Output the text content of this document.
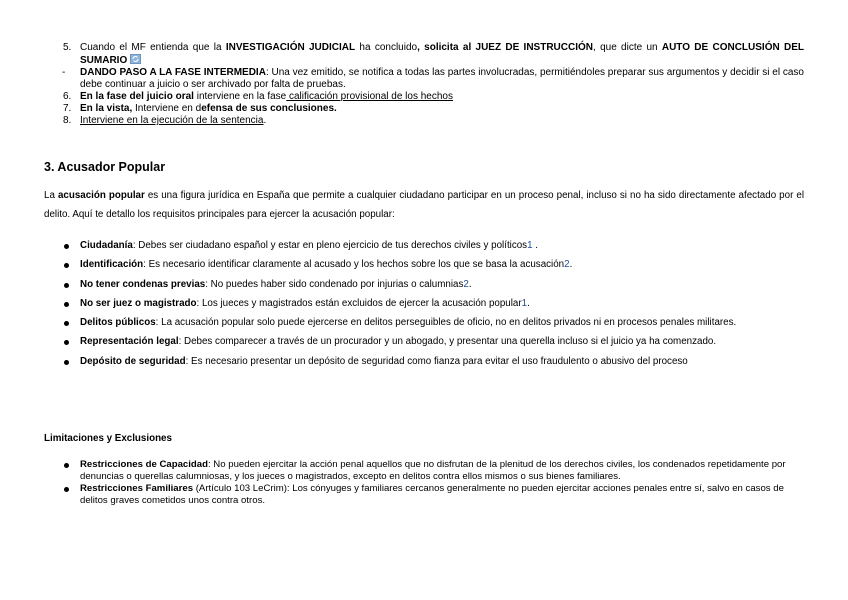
5. Cuando el MF entienda que la INVESTIGACIÓN JUDICIAL ha concluido, solicita al JUEZ DE INSTRUCCIÓN, que dicte un AUTO DE CONCLUSIÓN DEL SUMARIO
- DANDO PASO A LA FASE INTERMEDIA: Una vez emitido, se notifica a todas las partes involucradas, permitiéndoles preparar sus argumentos y decidir si el caso debe continuar a juicio o ser archivado por falta de pruebas.
6. En la fase del juicio oral interviene en la fase calificación provisional de los hechos
7. En la vista, Interviene en defensa de sus conclusiones.
8. Interviene en la ejecución de la sentencia.
3. Acusador Popular
La acusación popular es una figura jurídica en España que permite a cualquier ciudadano participar en un proceso penal, incluso si no ha sido directamente afectado por el delito. Aquí te detallo los requisitos principales para ejercer la acusación popular:
Ciudadanía: Debes ser ciudadano español y estar en pleno ejercicio de tus derechos civiles y políticos1 .
Identificación: Es necesario identificar claramente al acusado y los hechos sobre los que se basa la acusación2.
No tener condenas previas: No puedes haber sido condenado por injurias o calumnias2.
No ser juez o magistrado: Los jueces y magistrados están excluidos de ejercer la acusación popular1.
Delitos públicos: La acusación popular solo puede ejercerse en delitos perseguibles de oficio, no en delitos privados ni en procesos penales militares.
Representación legal: Debes comparecer a través de un procurador y un abogado, y presentar una querella incluso si el juicio ya ha comenzado.
Depósito de seguridad: Es necesario presentar un depósito de seguridad como fianza para evitar el uso fraudulento o abusivo del proceso
Limitaciones y Exclusiones
Restricciones de Capacidad: No pueden ejercitar la acción penal aquellos que no disfrutan de la plenitud de los derechos civiles, los condenados repetidamente por denuncias o querellas calumniosas, y los jueces o magistrados, excepto en delitos contra ellos mismos o sus bienes familiares.
Restricciones Familiares (Artículo 103 LeCrim): Los cónyuges y familiares cercanos generalmente no pueden ejercitar acciones penales entre sí, salvo en casos de delitos graves cometidos unos contra otros.
